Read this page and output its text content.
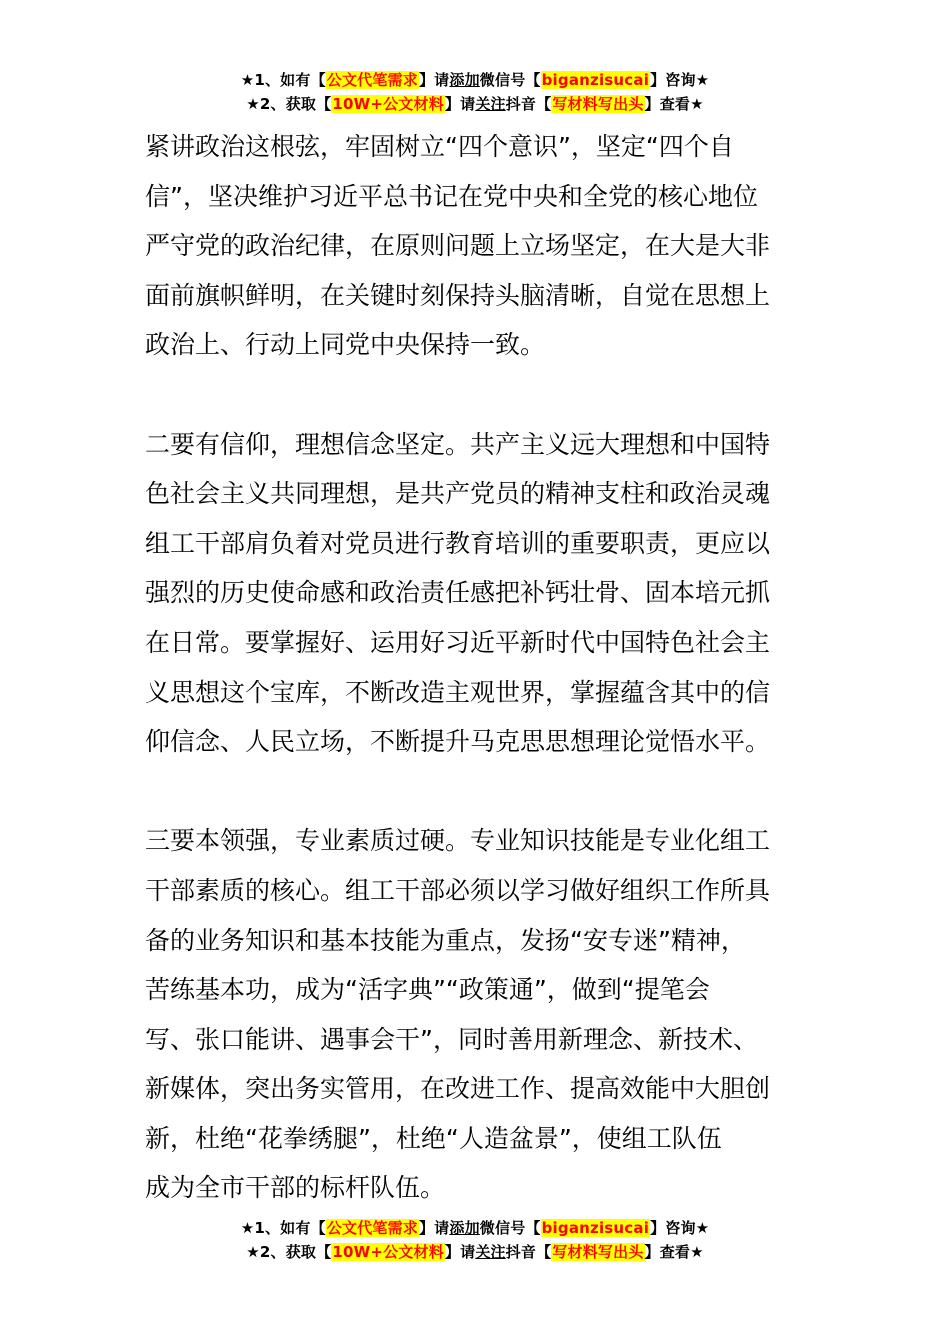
★1、如有【公文代笔需求】请添加微信号【biganzisucai】咨询★
★2、获取【10W+公文材料】请关注抖音【写材料写出头】查看★
紧讲政治这根弦，牢固树立“四个意识”，坚定“四个自
信”，坚决维护习近平总书记在党中央和全党的核心地位
严守党的政治纪律，在原则问题上立场坚定，在大是大非
面前旗帜鲜明，在关键时刻保持头脑清晰，自觉在思想上
政治上、行动上同党中央保持一致。
二要有信仰，理想信念坚定。共产主义远大理想和中国特
色社会主义共同理想，是共产党员的精神支柱和政治灵魂
组工干部肩负着对党员进行教育培训的重要职责，更应以
强烈的历史使命感和政治责任感把补钙壮骨、固本培元抓
在日常。要掌握好、运用好习近平新时代中国特色社会主
义思想这个宝库，不断改造主观世界，掌握蕴含其中的信
仰信念、人民立场，不断提升马克思思想理论觉悟水平。
三要本领强，专业素质过硬。专业知识技能是专业化组工
干部素质的核心。组工干部必须以学习做好组织工作所具
备的业务知识和基本技能为重点，发扬“安专迷”精神，
苦练基本功，成为“活字典”“政策通”，做到“提笔会
写、张口能讲、遇事会干”，同时善用新理念、新技术、
新媒体，突出务实管用，在改进工作、提高效能中大胆创
新，杜绝“花拳绣腿”，杜绝“人造盆景”，使组工队伍
成为全市干部的标杆队伍。
★1、如有【公文代笔需求】请添加微信号【biganzisucai】咨询★
★2、获取【10W+公文材料】请关注抖音【写材料写出头】查看★
